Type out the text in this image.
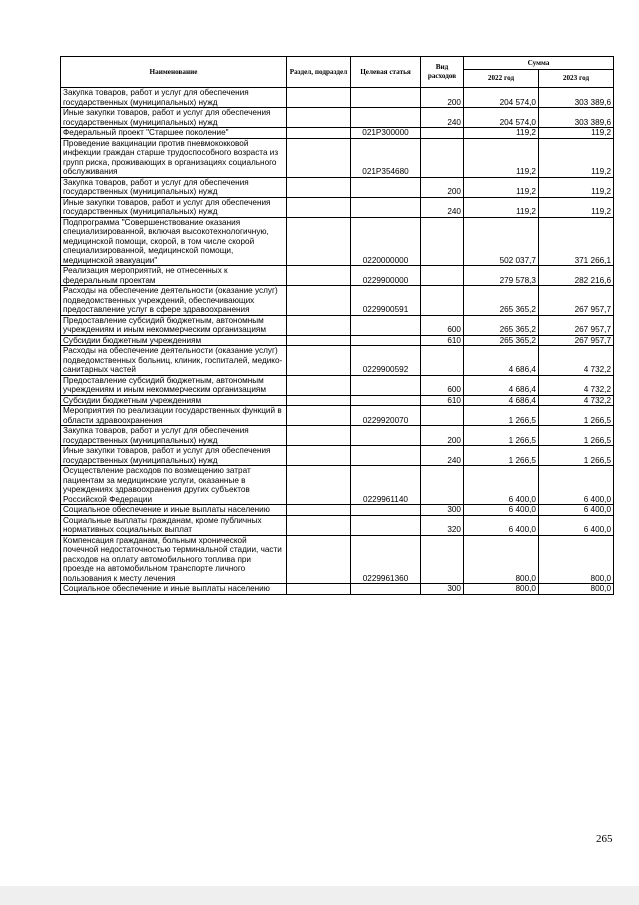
Наименование	Раздел, подраздел	Целевая статья	Вид расходов	Сумма	
				2022 год	2023 год
Закупка товаров, работ и услуг для обеспечения государственных (муниципальных) нужд			200	204 574,0	303 389,6
Иные закупки товаров, работ и услуг для обеспечения государственных (муниципальных) нужд			240	204 574,0	303 389,6
Федеральный проект "Старшее поколение"		021P300000		119,2	119,2
Проведение вакцинации против пневмококковой инфекции граждан старше трудоспособного возраста из групп риска, проживающих в организациях социального обслуживания		021P354680		119,2	119,2
Закупка товаров, работ и услуг для обеспечения государственных (муниципальных) нужд			200	119,2	119,2
Иные закупки товаров, работ и услуг для обеспечения государственных (муниципальных) нужд			240	119,2	119,2
Подпрограмма "Совершенствование оказания специализированной, включая высокотехнологичную, медицинской помощи, скорой, в том числе скорой специализированной, медицинской помощи, медицинской эвакуации"		0220000000		502 037,7	371 266,1
Реализация мероприятий, не отнесенных к федеральным проектам		0229900000		279 578,3	282 216,6
Расходы на обеспечение деятельности (оказание услуг) подведомственных учреждений, обеспечивающих предоставление услуг в сфере здравоохранения		0229900591		265 365,2	267 957,7
Предоставление субсидий бюджетным, автономным учреждениям и иным некоммерческим организациям			600	265 365,2	267 957,7
Субсидии бюджетным учреждениям			610	265 365,2	267 957,7
Расходы на обеспечение деятельности (оказание услуг) подведомственных больниц, клиник, госпиталей, медико-санитарных частей		0229900592		4 686,4	4 732,2
Предоставление субсидий бюджетным, автономным учреждениям и иным некоммерческим организациям			600	4 686,4	4 732,2
Субсидии бюджетным учреждениям			610	4 686,4	4 732,2
Мероприятия по реализации государственных функций в области здравоохранения		0229920070		1 266,5	1 266,5
Закупка товаров, работ и услуг для обеспечения государственных (муниципальных) нужд			200	1 266,5	1 266,5
Иные закупки товаров, работ и услуг для обеспечения государственных (муниципальных) нужд			240	1 266,5	1 266,5
Осуществление расходов по возмещению затрат пациентам за медицинские услуги, оказанные в учреждениях здравоохранения других субъектов Российской Федерации		0229961140		6 400,0	6 400,0
Социальное обеспечение и иные выплаты населению			300	6 400,0	6 400,0
Социальные выплаты гражданам, кроме публичных нормативных социальных выплат			320	6 400,0	6 400,0
Компенсация гражданам, больным хронической почечной недостаточностью терминальной стадии, части расходов на оплату автомобильного топлива при проезде на автомобильном транспорте личного пользования к месту лечения		0229961360		800,0	800,0
Социальное обеспечение и иные выплаты населению			300	800,0	800,0
265
